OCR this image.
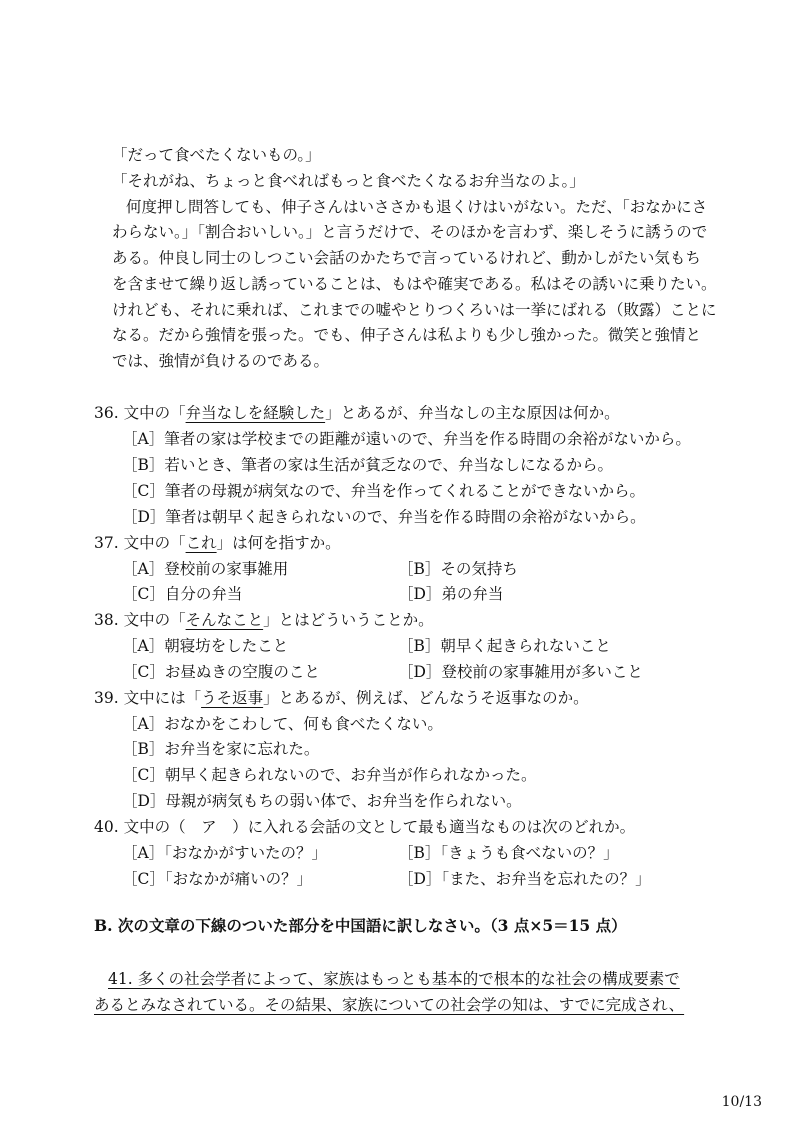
「だって食べたくないもの。」
「それがね、ちょっと食べればもっと食べたくなるお弁当なのよ。」
何度押し問答しても、伸子さんはいささかも退くけはいがない。ただ、「おなかにさ
わらない。」「割合おいしい。」と言うだけで、そのほかを言わず、楽しそうに誘うので
ある。仲良し同士のしつこい会話のかたちで言っているけれど、動かしがたい気もち
を含ませて繰り返し誘っていることは、もはや確実である。私はその誘いに乗りたい。
けれども、それに乗れば、これまでの嘘やとりつくろいは一挙にばれる（敗露）ことに
なる。だから強情を張った。でも、伸子さんは私よりも少し強かった。微笑と強情と
では、強情が負けるのである。
36. 文中の「弁当なしを経験した」とあるが、弁当なしの主な原因は何か。
［A］筆者の家は学校までの距離が遠いので、弁当を作る時間の余裕がないから。
［B］若いとき、筆者の家は生活が貧乏なので、弁当なしになるから。
［C］筆者の母親が病気なので、弁当を作ってくれることができないから。
［D］筆者は朝早く起きられないので、弁当を作る時間の余裕がないから。
37. 文中の「これ」は何を指すか。
［A］登校前の家事雑用	［B］その気持ち
［C］自分の弁当	［D］弟の弁当
38. 文中の「そんなこと」とはどういうことか。
［A］朝寝坊をしたこと	［B］朝早く起きられないこと
［C］お昼ぬきの空腹のこと	［D］登校前の家事雑用が多いこと
39. 文中には「うそ返事」とあるが、例えば、どんなうそ返事なのか。
［A］おなかをこわして、何も食べたくない。
［B］お弁当を家に忘れた。
［C］朝早く起きられないので、お弁当が作られなかった。
［D］母親が病気もちの弱い体で、お弁当を作られない。
40. 文中の（　ア　）に入れる会話の文として最も適当なものは次のどれか。
［A］「おなかがすいたの？」	［B］「きょうも食べないの？」
［C］「おなかが痛いの？」	［D］「また、お弁当を忘れたの？」
B. 次の文章の下線のついた部分を中国語に訳しなさい。（3 点×5＝15 点）
41. 多くの社会学者によって、家族はもっとも基本的で根本的な社会の構成要素で
あるとみなされている。その結果、家族についての社会学の知は、すでに完成され、
10/13
